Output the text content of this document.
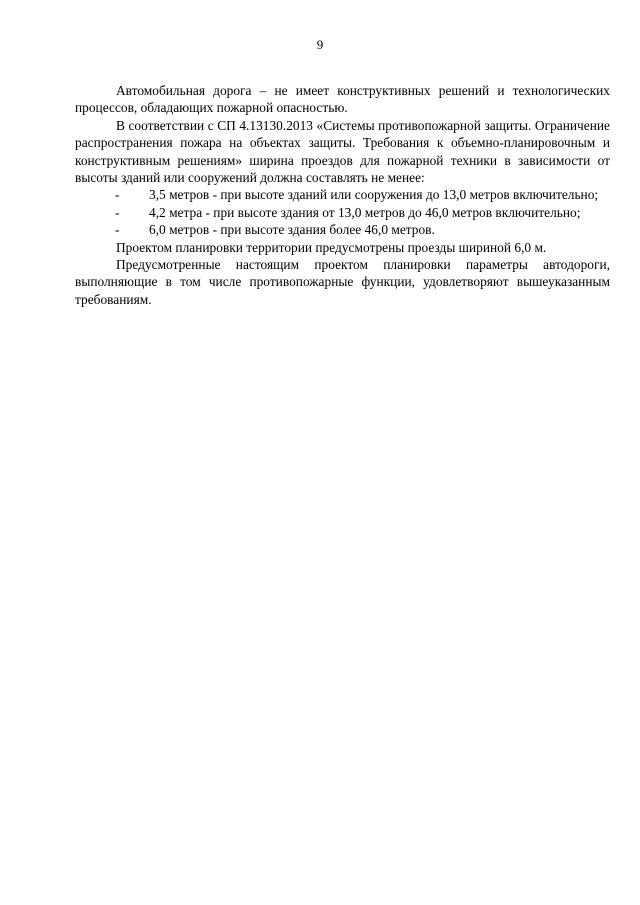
9

Автомобильная дорога – не имеет конструктивных решений и технологических процессов, обладающих пожарной опасностью.

В соответствии с СП 4.13130.2013 «Системы противопожарной защиты. Ограничение распространения пожара на объектах защиты. Требования к объемно-планировочным и конструктивным решениям» ширина проездов для пожарной техники в зависимости от высоты зданий или сооружений должна составлять не менее:

- 3,5 метров - при высоте зданий или сооружения до 13,0 метров включительно;

- 4,2 метра - при высоте здания от 13,0 метров до 46,0 метров включительно;

- 6,0 метров - при высоте здания более 46,0 метров.

Проектом планировки территории предусмотрены проезды шириной 6,0 м.

Предусмотренные настоящим проектом планировки параметры автодороги, выполняющие в том числе противопожарные функции, удовлетворяют вышеуказанным требованиям.
